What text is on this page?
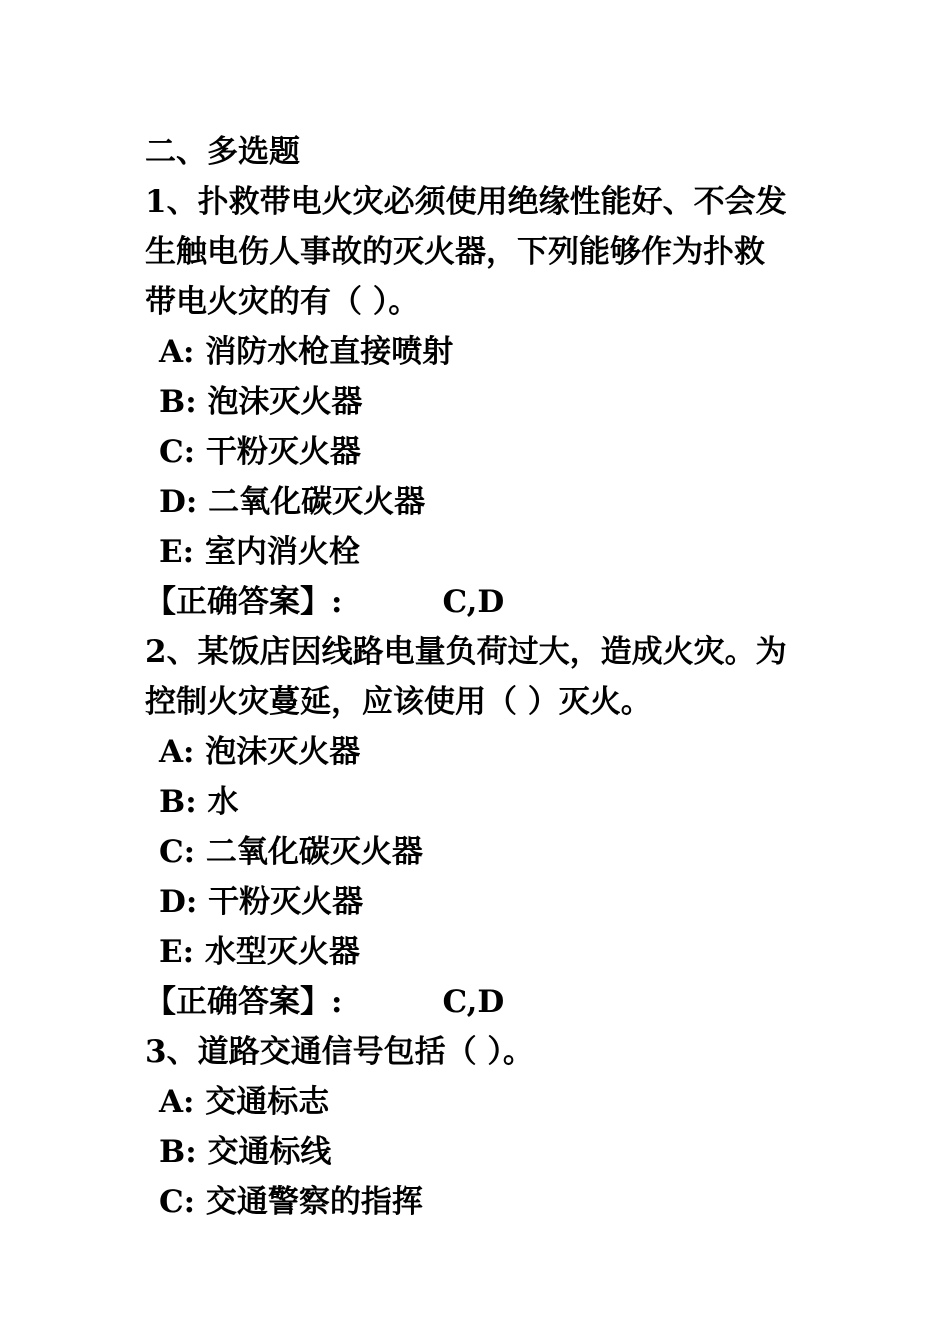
二、多选题
1、扑救带电火灾必须使用绝缘性能好、不会发
生触电伤人事故的灭火器，下列能够作为扑救
带电火灾的有（ ）。
A: 消防水枪直接喷射
B: 泡沫灭火器
C: 干粉灭火器
D: 二氧化碳灭火器
E: 室内消火栓
【正确答案】:	C,D
2、某饭店因线路电量负荷过大，造成火灾。为
控制火灾蔓延，应该使用（ ）灭火。
A: 泡沫灭火器
B: 水
C: 二氧化碳灭火器
D: 干粉灭火器
E: 水型灭火器
【正确答案】:	C,D
3、道路交通信号包括（ ）。
A: 交通标志
B: 交通标线
C: 交通警察的指挥
